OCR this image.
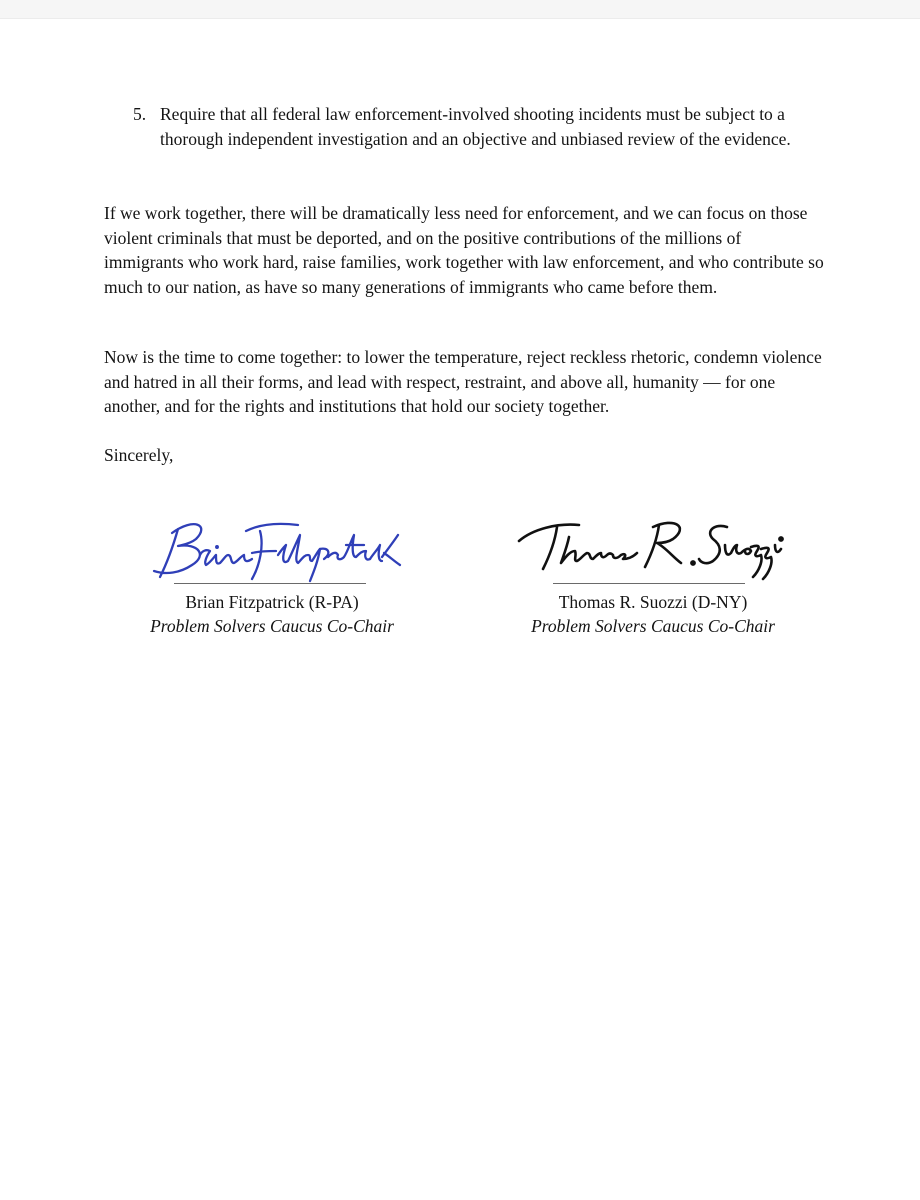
5. Require that all federal law enforcement-involved shooting incidents must be subject to a thorough independent investigation and an objective and unbiased review of the evidence.

If we work together, there will be dramatically less need for enforcement, and we can focus on those violent criminals that must be deported, and on the positive contributions of the millions of immigrants who work hard, raise families, work together with law enforcement, and who contribute so much to our nation, as have so many generations of immigrants who came before them.

Now is the time to come together: to lower the temperature, reject reckless rhetoric, condemn violence and hatred in all their forms, and lead with respect, restraint, and above all, humanity — for one another, and for the rights and institutions that hold our society together.

Sincerely,

Brian Fitzpatrick (R-PA)
Problem Solvers Caucus Co-Chair
Thomas R. Suozzi (D-NY)
Problem Solvers Caucus Co-Chair
